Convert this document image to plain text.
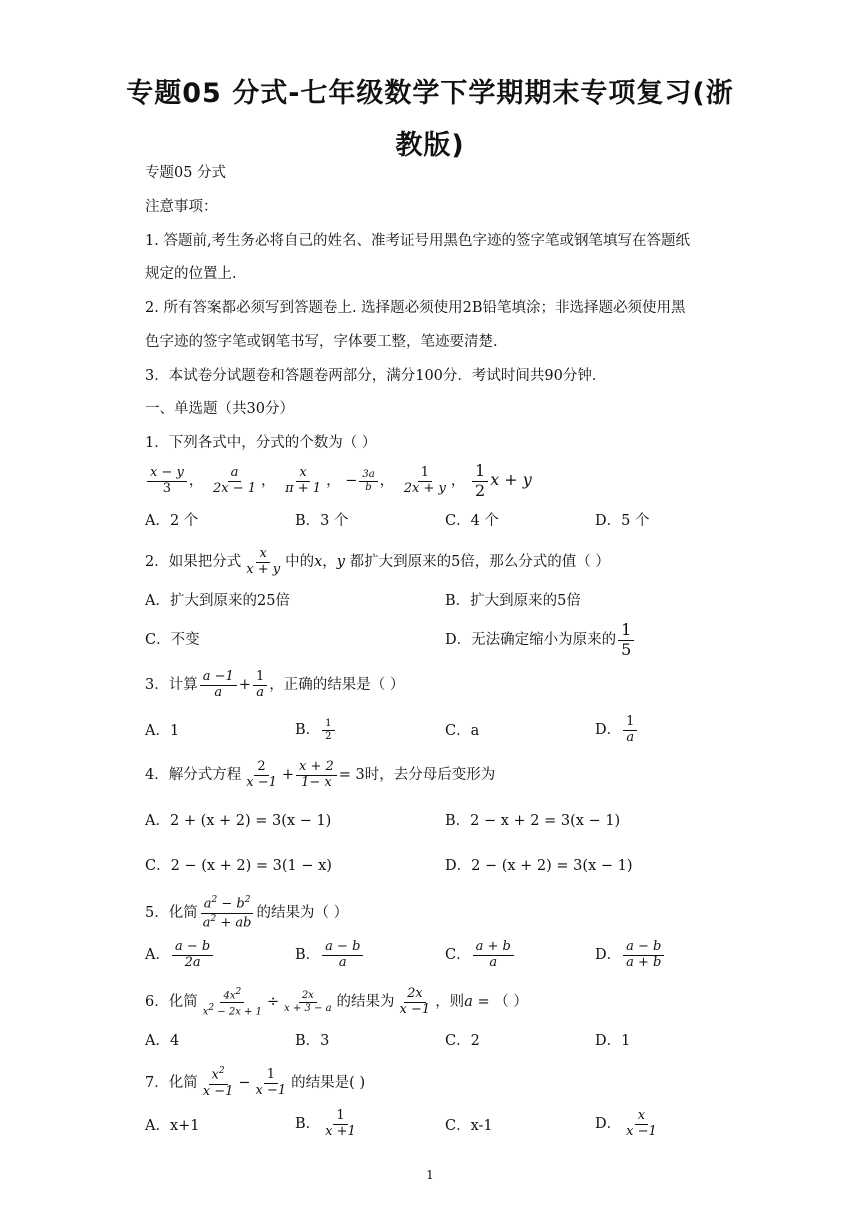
专题05 分式-七年级数学下学期期末专项复习(浙
教版)
专题05 分式
注意事项：
1. 答题前,考生务必将自己的姓名、准考证号用黑色字迹的签字笔或钢笔填写在答题纸
规定的位置上.
2. 所有答案都必须写到答题卷上. 选择题必须使用2B铅笔填涂；非选择题必须使用黑
色字迹的签字笔或钢笔书写，字体要工整，笔迹要清楚.
3．本试卷分试题卷和答题卷两部分，满分100分．考试时间共90分钟．
一、单选题（共30分）
1．下列各式中，分式的个数为（ ）
$\frac{x - y}{3}$ ， $\frac{a}{2x - 1}$ ， $\frac{x}{\pi + 1}$ ， − $\frac{3a}{b}$ ， $\frac{1}{2x + y}$ ， $\frac{1}{2}$ x + y
A．2 个	B．3 个	C．4 个	D．5 个
2．如果把分式 $\frac{x}{x + y}$ 中的x，y 都扩大到原来的5倍，那么分式的值（ ）
A．扩大到原来的25倍	B．扩大到原来的5倍
C．不变	D．无法确定缩小为原来的 $\frac{1}{5}$
3．计算 $\frac{a -1}{a} + \frac{1}{a}$ ，正确的结果是（ ）
A．1	B． $\frac{1}{2}$	C．a	D． $\frac{1}{a}$
4．解分式方程 $\frac{2}{x -1} + \frac{x + 2}{1- x} = 3$时，去分母后变形为
A．2 + (x + 2) = 3(x − 1)	B．2 − x + 2 = 3(x − 1)
C．2 − (x + 2) = 3(1 − x)	D．2 − (x + 2) = 3(x − 1)
5．化简 $\frac{a^2 - b^2}{a^2 + ab}$ 的结果为（ ）
A． $\frac{a - b}{2a}$	B． $\frac{a - b}{a}$	C． $\frac{a + b}{a}$	D． $\frac{a - b}{a + b}$
6．化简 $\frac{4x^2}{x^2 - 2x + 1} \div \frac{2x}{x + 3 - a}$ 的结果为 $\frac{2x}{x -1}$ ，则a = （ ）
A．4	B．3	C．2	D．1
7．化简 $\frac{x^2}{x -1} - \frac{1}{x -1}$ 的结果是( )
A．x+1	B． $\frac{1}{x +1}$	C．x-1	D． $\frac{x}{x -1}$
1
